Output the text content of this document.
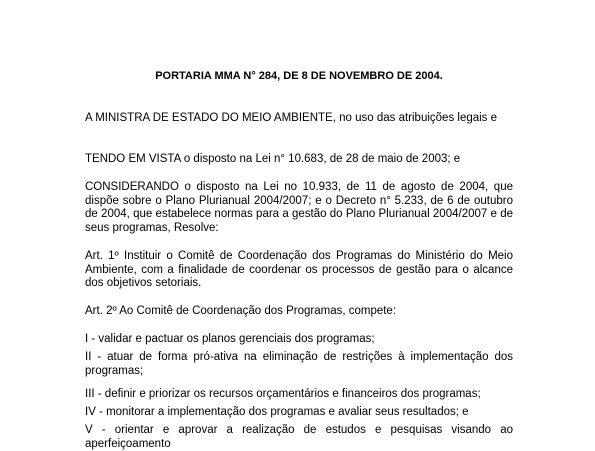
PORTARIA MMA N° 284, DE 8 DE NOVEMBRO DE 2004.

A MINISTRA DE ESTADO DO MEIO AMBIENTE, no uso das atribuições legais e

TENDO EM VISTA o disposto na Lei n° 10.683, de 28 de maio de 2003; e

CONSIDERANDO o disposto na Lei no 10.933, de 11 de agosto de 2004, que dispõe sobre o Plano Plurianual 2004/2007; e o Decreto n° 5.233, de 6 de outubro de 2004, que estabelece normas para a gestão do Plano Plurianual 2004/2007 e de seus programas, Resolve:

Art. 1º Instituir o Comitê de Coordenação dos Programas do Ministério do Meio Ambiente, com a finalidade de coordenar os processos de gestão para o alcance dos objetivos setoriais.

Art. 2º Ao Comitê de Coordenação dos Programas, compete:

I - validar e pactuar os planos gerenciais dos programas;

II - atuar de forma pró-ativa na eliminação de restrições à implementação dos programas;

III - definir e priorizar os recursos orçamentários e financeiros dos programas;

IV - monitorar a implementação dos programas e avaliar seus resultados; e

V - orientar e aprovar a realização de estudos e pesquisas visando ao aperfeiçoamento
